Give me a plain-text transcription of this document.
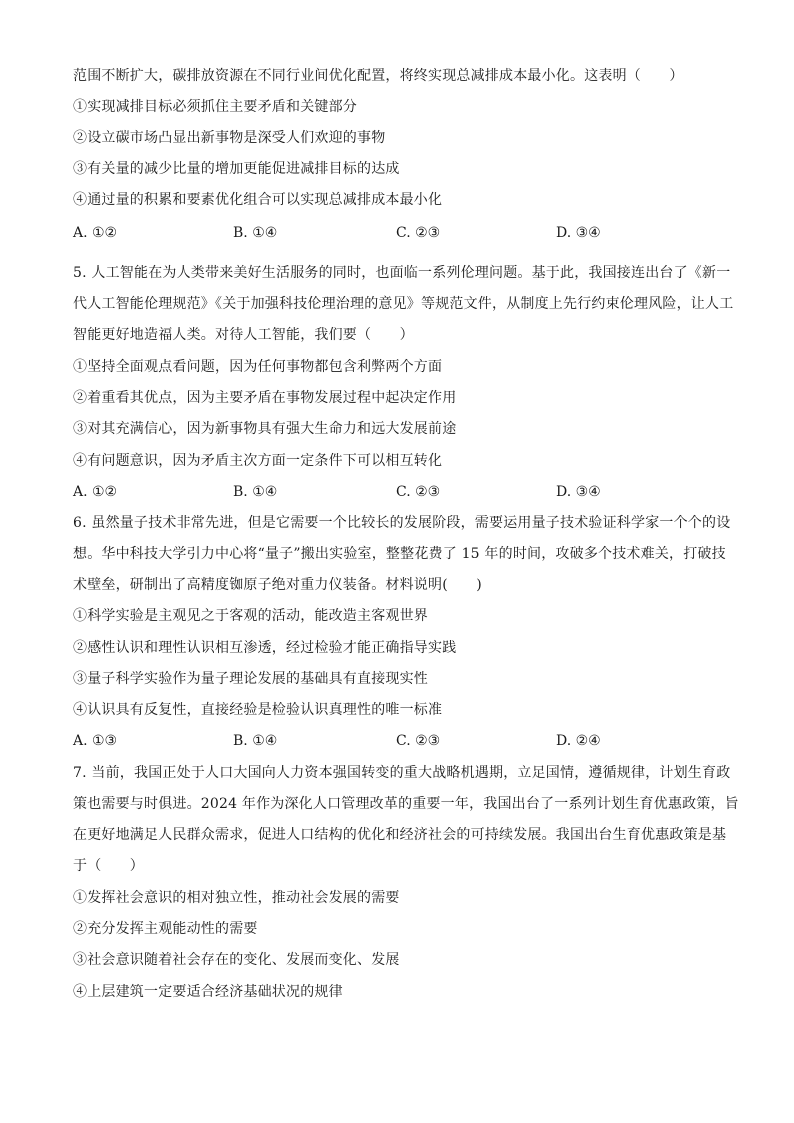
范围不断扩大，碳排放资源在不同行业间优化配置，将终实现总减排成本最小化。这表明（　　）
①实现减排目标必须抓住主要矛盾和关键部分
②设立碳市场凸显出新事物是深受人们欢迎的事物
③有关量的减少比量的增加更能促进减排目标的达成
④通过量的积累和要素优化组合可以实现总减排成本最小化
A. ①②	B. ①④	C. ②③	D. ③④
5. 人工智能在为人类带来美好生活服务的同时，也面临一系列伦理问题。基于此，我国接连出台了《新一
代人工智能伦理规范》《关于加强科技伦理治理的意见》等规范文件，从制度上先行约束伦理风险，让人工
智能更好地造福人类。对待人工智能，我们要（　　）
①坚持全面观点看问题，因为任何事物都包含利弊两个方面
②着重看其优点，因为主要矛盾在事物发展过程中起决定作用
③对其充满信心，因为新事物具有强大生命力和远大发展前途
④有问题意识，因为矛盾主次方面一定条件下可以相互转化
A. ①②	B. ①④	C. ②③	D. ③④
6. 虽然量子技术非常先进，但是它需要一个比较长的发展阶段，需要运用量子技术验证科学家一个个的设
想。华中科技大学引力中心将“量子”搬出实验室，整整花费了 15 年的时间，攻破多个技术难关，打破技
术壁垒，研制出了高精度铷原子绝对重力仪装备。材料说明(　　)
①科学实验是主观见之于客观的活动，能改造主客观世界
②感性认识和理性认识相互渗透，经过检验才能正确指导实践
③量子科学实验作为量子理论发展的基础具有直接现实性
④认识具有反复性，直接经验是检验认识真理性的唯一标准
A. ①③	B. ①④	C. ②③	D. ②④
7. 当前，我国正处于人口大国向人力资本强国转变的重大战略机遇期，立足国情，遵循规律，计划生育政
策也需要与时俱进。2024 年作为深化人口管理改革的重要一年，我国出台了一系列计划生育优惠政策，旨
在更好地满足人民群众需求，促进人口结构的优化和经济社会的可持续发展。我国出台生育优惠政策是基
于（　　）
①发挥社会意识的相对独立性，推动社会发展的需要
②充分发挥主观能动性的需要
③社会意识随着社会存在的变化、发展而变化、发展
④上层建筑一定要适合经济基础状况的规律
